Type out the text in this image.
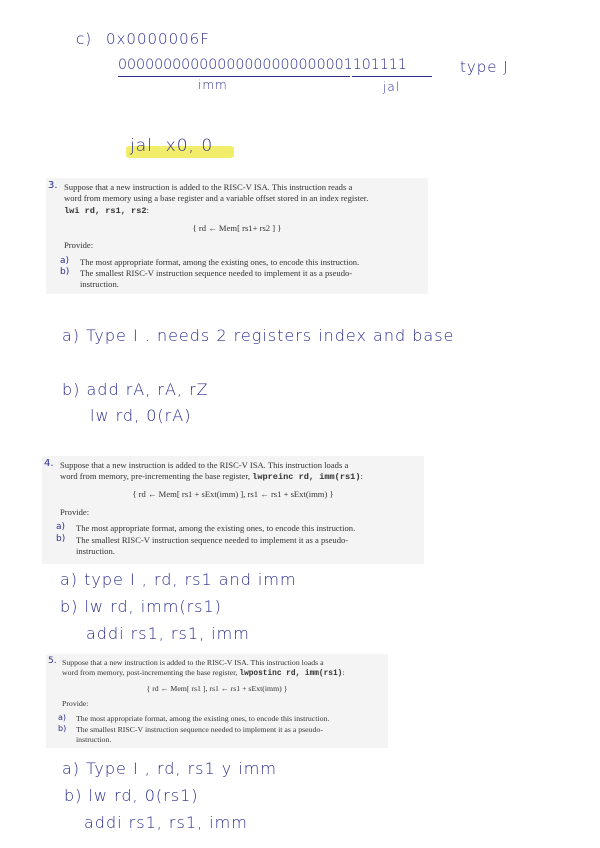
c) 0x0000006F
00000000000000000000000001101111
imm	jal
type J
jal  x0, 0
3. Suppose that a new instruction is added to the RISC-V ISA. This instruction reads a
word from memory using a base register and a variable offset stored in an index register.
lwi rd, rs1, rs2:
{ rd ← Mem[ rs1+ rs2 ] }
Provide:
a) The most appropriate format, among the existing ones, to encode this instruction.
b) The smallest RISC-V instruction sequence needed to implement it as a pseudo-
instruction.
a) Type I . needs 2 registers index and base
b) add rA, rA, rZ
lw rd, 0(rA)
4. Suppose that a new instruction is added to the RISC-V ISA. This instruction loads a
word from memory, pre-incrementing the base register, lwpreinc rd, imm(rs1):
{ rd ← Mem[ rs1 + sExt(imm) ], rs1 ← rs1 + sExt(imm) }
Provide:
a) The most appropriate format, among the existing ones, to encode this instruction.
b) The smallest RISC-V instruction sequence needed to implement it as a pseudo-
instruction.
a) type I , rd, rs1 and imm
b) lw rd, imm(rs1)
addi rs1, rs1, imm
5. Suppose that a new instruction is added to the RISC-V ISA. This instruction loads a
word from memory, post-incrementing the base register, lwpostinc rd, imm(rs1):
{ rd ← Mem[ rs1 ], rs1 ← rs1 + sExt(imm) }
Provide:
a) The most appropriate format, among the existing ones, to encode this instruction.
b) The smallest RISC-V instruction sequence needed to implement it as a pseudo-
instruction.
a) Type I , rd, rs1 y imm
b) lw rd, 0(rs1)
addi rs1, rs1, imm
